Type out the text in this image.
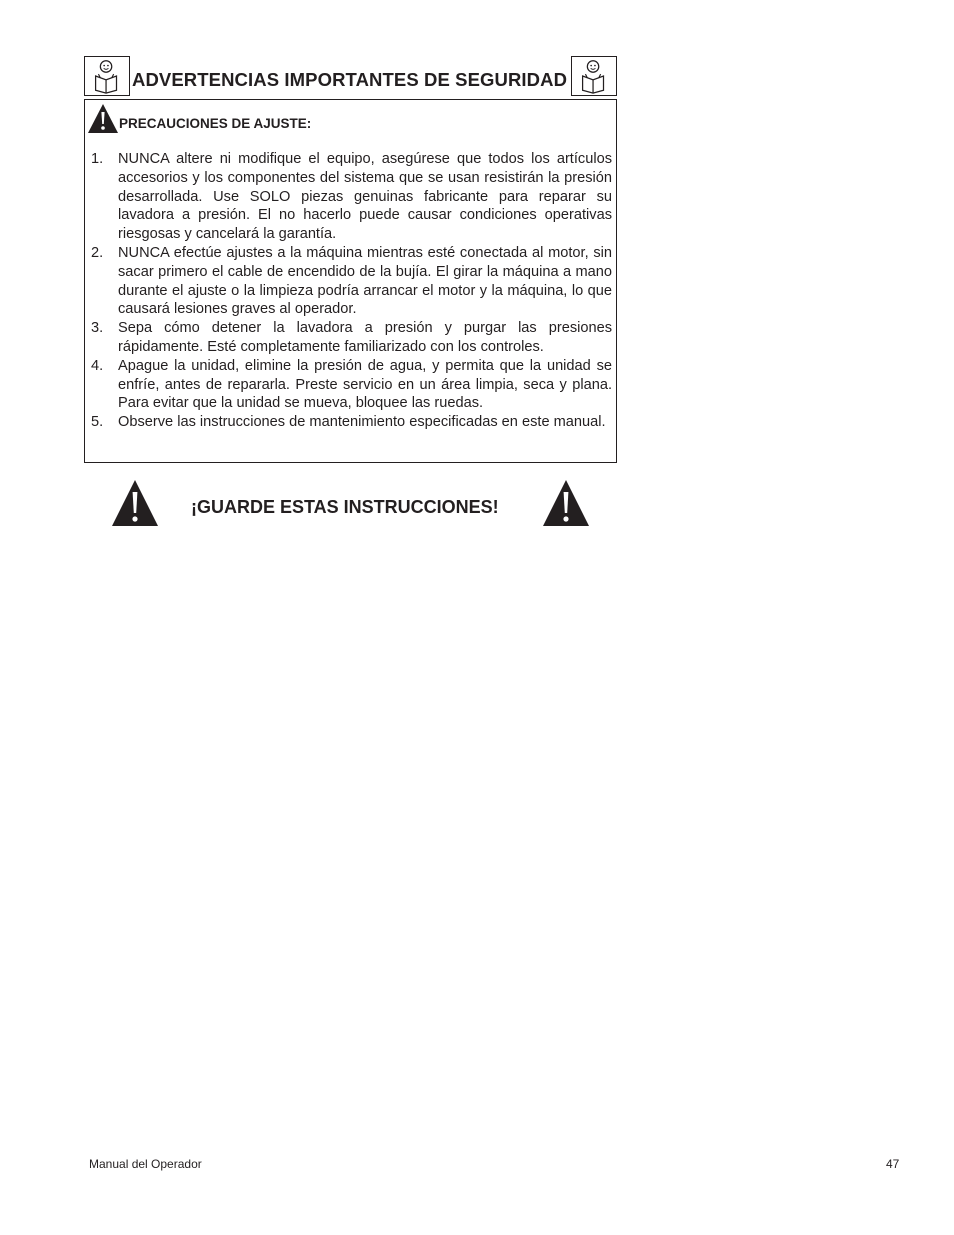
ADVERTENCIAS IMPORTANTES DE SEGURIDAD
PRECAUCIONES DE AJUSTE:
1. NUNCA altere ni modifique el equipo, asegúrese que todos los artículos accesorios y los componentes del sistema que se usan resistirán la presión desarrollada. Use SOLO piezas genuinas fabricante para reparar su lavadora a presión. El no hacerlo puede causar condiciones operativas riesgosas y cancelará la garantía.
2. NUNCA efectúe ajustes a la máquina mientras esté conectada al motor, sin sacar primero el cable de encendido de la bujía. El girar la máquina a mano durante el ajuste o la limpieza podría arrancar el motor y la máquina, lo que causará lesiones graves al operador.
3. Sepa cómo detener la lavadora a presión y purgar las presiones rápidamente. Esté completamente familiarizado con los controles.
4. Apague la unidad, elimine la presión de agua, y permita que la unidad se enfríe, antes de repararla. Preste servicio en un área limpia, seca y plana. Para evitar que la unidad se mueva, bloquee las ruedas.
5. Observe las instrucciones de mantenimiento especificadas en este manual.
¡GUARDE ESTAS INSTRUCCIONES!
Manual del Operador	47
